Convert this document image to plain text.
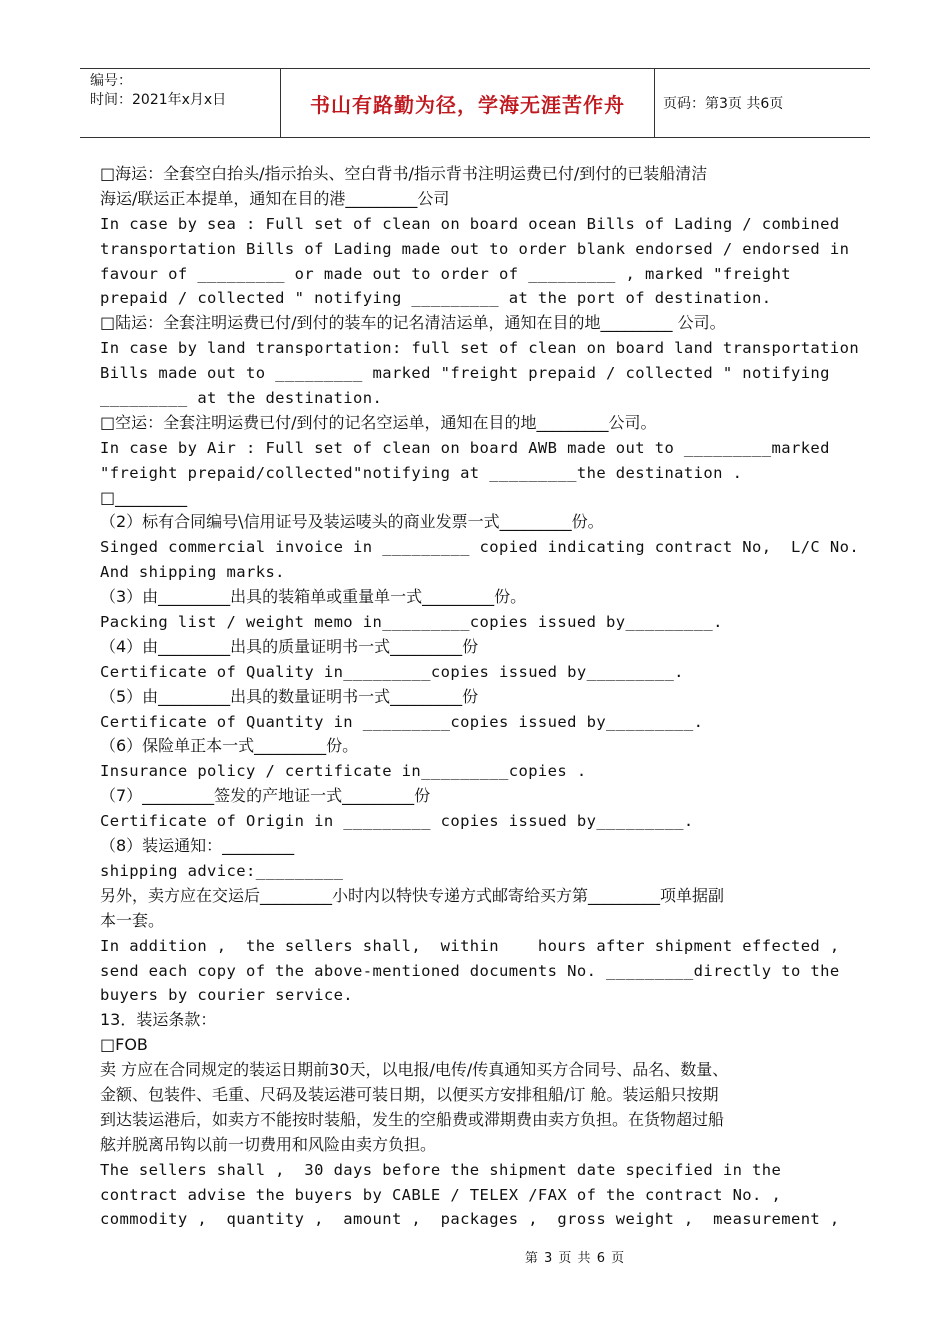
编号：
时间：2021年x月x日	书山有路勤为径，学海无涯苦作舟	页码：第3页 共6页
□海运：全套空白抬头/指示抬头、空白背书/指示背书注明运费已付/到付的已装船清洁
海运/联运正本提单，通知在目的港_________公司
In case by sea : Full set of clean on board ocean Bills of Lading / combined
transportation Bills of Lading made out to order blank endorsed / endorsed in
favour of _________ or made out to order of _________ , marked "freight
prepaid / collected " notifying _________ at the port of destination.
□陆运：全套注明运费已付/到付的装车的记名清洁运单，通知在目的地_________ 公司。
In case by land transportation: full set of clean on board land transportation
Bills made out to _________ marked "freight prepaid / collected " notifying
_________ at the destination.
□空运：全套注明运费已付/到付的记名空运单，通知在目的地_________公司。
In case by Air : Full set of clean on board AWB made out to _________marked
"freight prepaid/collected"notifying at _________the destination .
□_________
（2）标有合同编号\信用证号及装运唛头的商业发票一式_________份。
Singed commercial invoice in _________ copied indicating contract No,  L/C No.
And shipping marks.
（3）由_________出具的装箱单或重量单一式_________份。
Packing list / weight memo in_________copies issued by_________.
（4）由_________出具的质量证明书一式_________份
Certificate of Quality in_________copies issued by_________.
（5）由_________出具的数量证明书一式_________份
Certificate of Quantity in _________copies issued by_________.
（6）保险单正本一式_________份。
Insurance policy / certificate in_________copies .
（7）_________签发的产地证一式_________份
Certificate of Origin in _________ copies issued by_________.
（8）装运通知：_________
shipping advice:_________
另外，卖方应在交运后_________小时内以特快专递方式邮寄给买方第_________项单据副
本一套。
In addition ,  the sellers shall,  within    hours after shipment effected ,
send each copy of the above-mentioned documents No. _________directly to the
buyers by courier service.
13．装运条款：
□FOB
卖 方应在合同规定的装运日期前30天，以电报/电传/传真通知买方合同号、品名、数量、
金额、包装件、毛重、尺码及装运港可装日期，以便买方安排租船/订 舱。装运船只按期
到达装运港后，如卖方不能按时装船，发生的空船费或滞期费由卖方负担。在货物超过船
舷并脱离吊钩以前一切费用和风险由卖方负担。
The sellers shall ,  30 days before the shipment date specified in the
contract advise the buyers by CABLE / TELEX /FAX of the contract No. ,
commodity ,  quantity ,  amount ,  packages ,  gross weight ,  measurement ,
第 3 页 共 6 页
